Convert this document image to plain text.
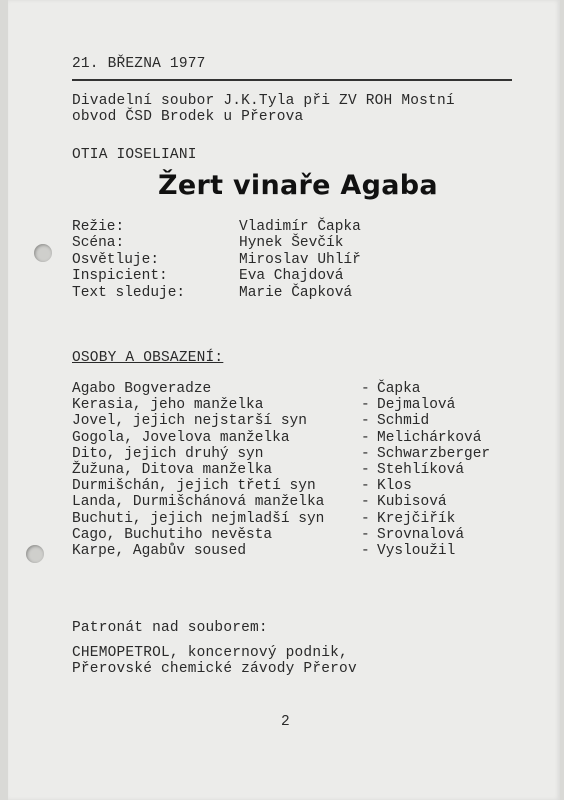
21. BŘEZNA 1977
Divadelní soubor J.K.Tyla při ZV ROH Mostní
obvod ČSD Brodek u Přerova
OTIA IOSELIANI
Žert vinaře Agaba
Režie:	Vladimír Čapka
Scéna:	Hynek Ševčík
Osvětluje:	Miroslav Uhlíř
Inspicient:	Eva Chajdová
Text sleduje:	Marie Čapková
OSOBY A OBSAZENÍ:
Agabo Bogveradze	- Čapka
Kerasia, jeho manželka	- Dejmalová
Jovel, jejich nejstarší syn	- Schmid
Gogola, Jovelova manželka	- Melichárková
Dito, jejich druhý syn	- Schwarzberger
Žužuna, Ditova manželka	- Stehlíková
Durmišchán, jejich třetí syn	- Klos
Landa, Durmišchánová manželka	- Kubisová
Buchuti, jejich nejmladší syn	- Krejčiřík
Cago, Buchutiho nevěsta	- Srovnalová
Karpe, Agabův soused	- Vysloužil
Patronát nad souborem:
CHEMOPETROL, koncernový podnik,
Přerovské chemické závody Přerov
2
